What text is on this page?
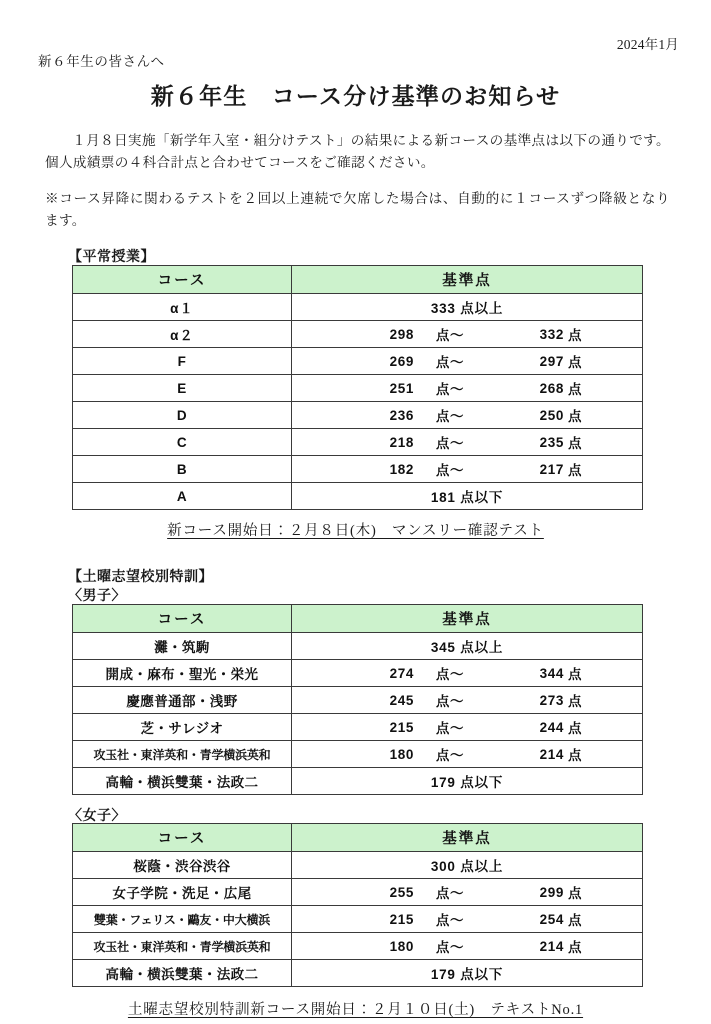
2024年1月
新６年生の皆さんへ
新６年生　コース分け基準のお知らせ

１月８日実施「新学年入室・組分けテスト」の結果による新コースの基準点は以下の通りです。個人成績票の４科合計点と合わせてコースをご確認ください。

※コース昇降に関わるテストを２回以上連続で欠席した場合は、自動的に１コースずつ降級となります。

【平常授業】
コース	基準点
α１	333 点以上

α２	298 点～ 332 点

F	269 点～ 297 点

E	251 点～ 268 点

D	236 点～ 250 点

C	218 点～ 235 点

B	182 点～ 217 点

A	181 点以下
新コース開始日：２月８日(木)　マンスリー確認テスト
【土曜志望校別特訓】
〈男子〉
コース	基準点
灘・筑駒	345 点以上

開成・麻布・聖光・栄光	274 点～ 344 点

慶應普通部・浅野	245 点～ 273 点

芝・サレジオ	215 点～ 244 点

攻玉社・東洋英和・青学横浜英和	180 点～ 214 点

高輪・横浜雙葉・法政二	179 点以下
〈女子〉
コース	基準点
桜蔭・渋谷渋谷	300 点以上

女子学院・洗足・広尾	255 点～ 299 点

雙葉・フェリス・鷗友・中大横浜	215 点～ 254 点

攻玉社・東洋英和・青学横浜英和	180 点～ 214 点

高輪・横浜雙葉・法政二	179 点以下
土曜志望校別特訓新コース開始日：２月１０日(土)　テキストNo.1
